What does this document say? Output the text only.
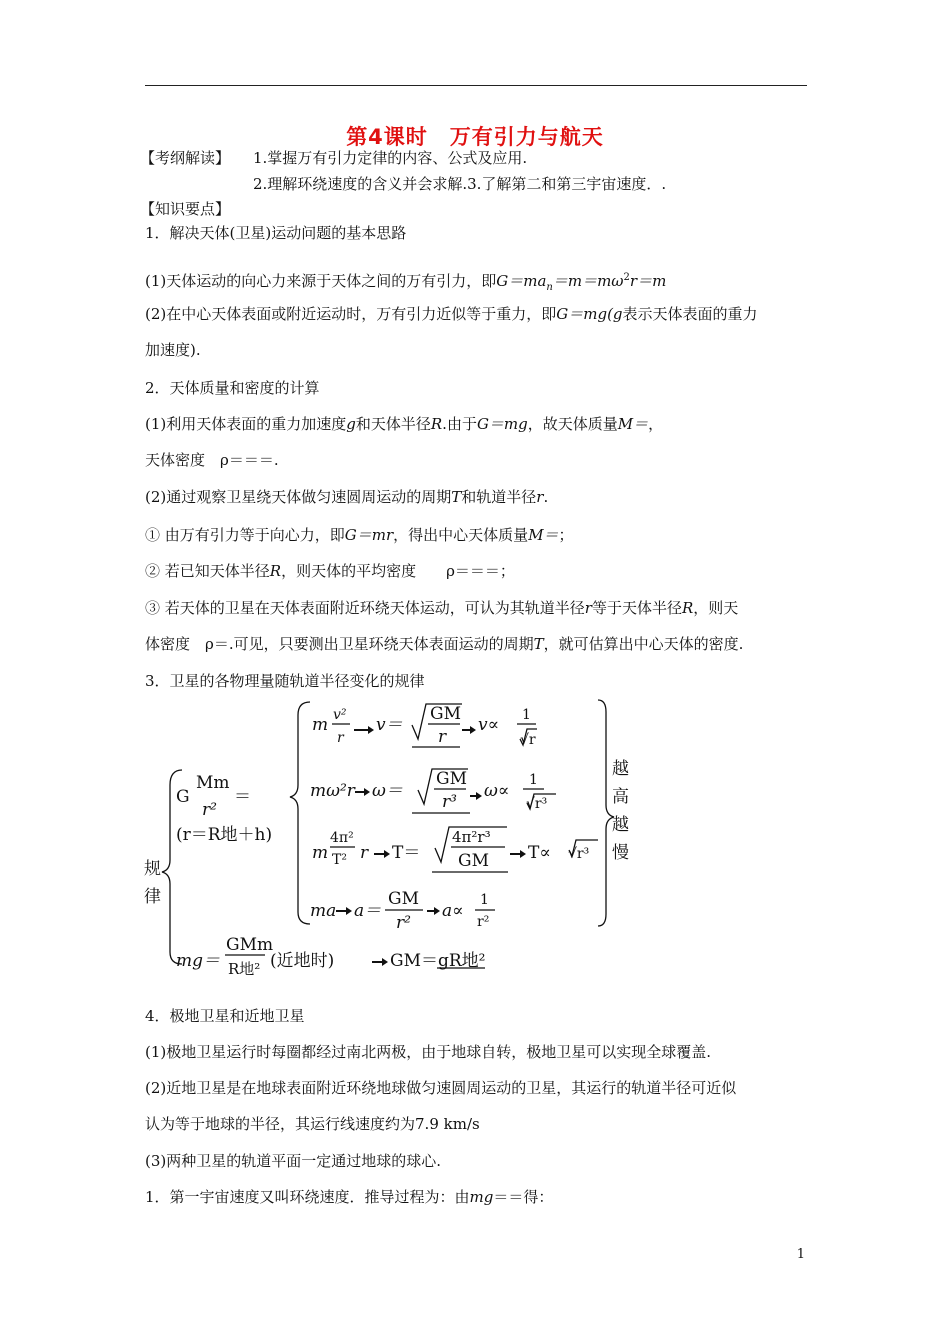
第4课时　万有引力与航天
【考纲解读】 1.掌握万有引力定律的内容、公式及应用.
2.理解环绕速度的含义并会求解.3.了解第二和第三宇宙速度．.
【知识要点】
1．解决天体(卫星)运动问题的基本思路
(1)天体运动的向心力来源于天体之间的万有引力，即$G=ma_n=m=m\omega^2r=m$
(2)在中心天体表面或附近运动时，万有引力近似等于重力，即G＝mg(g表示天体表面的重力
加速度).
2．天体质量和密度的计算
(1)利用天体表面的重力加速度g和天体半径R.由于G＝mg，故天体质量M＝，
天体密度　ρ＝＝＝.
(2)通过观察卫星绕天体做匀速圆周运动的周期T和轨道半径r.
① 由万有引力等于向心力，即G＝mr，得出中心天体质量M＝；
② 若已知天体半径R，则天体的平均密度　　ρ＝＝＝；
③ 若天体的卫星在天体表面附近环绕天体运动，可认为其轨道半径r等于天体半径R，则天
体密度　ρ＝.可见，只要测出卫星环绕天体表面运动的周期T，就可估算出中心天体的密度.
3．卫星的各物理量随轨道半径变化的规律
规
律
越
高
越
慢
G
Mm
r²
＝
(r＝R地＋h)
m v²
r
v＝
GM
r
v∝ 1
√r
mω²r ω＝
GM
r³
ω∝
1
√r³
m
4π²
T² r T＝
4π²r³
GM T∝ √r³
ma a＝
GM
r²
a∝
1
r²
mg＝
GMm
R地² (近地时)	GM＝gR地²
4．极地卫星和近地卫星
(1)极地卫星运行时每圈都经过南北两极，由于地球自转，极地卫星可以实现全球覆盖.
(2)近地卫星是在地球表面附近环绕地球做匀速圆周运动的卫星，其运行的轨道半径可近似
认为等于地球的半径，其运行线速度约为7.9 km/s
(3)两种卫星的轨道平面一定通过地球的球心.
1．第一宇宙速度又叫环绕速度．推导过程为：由mg＝＝得：
1
